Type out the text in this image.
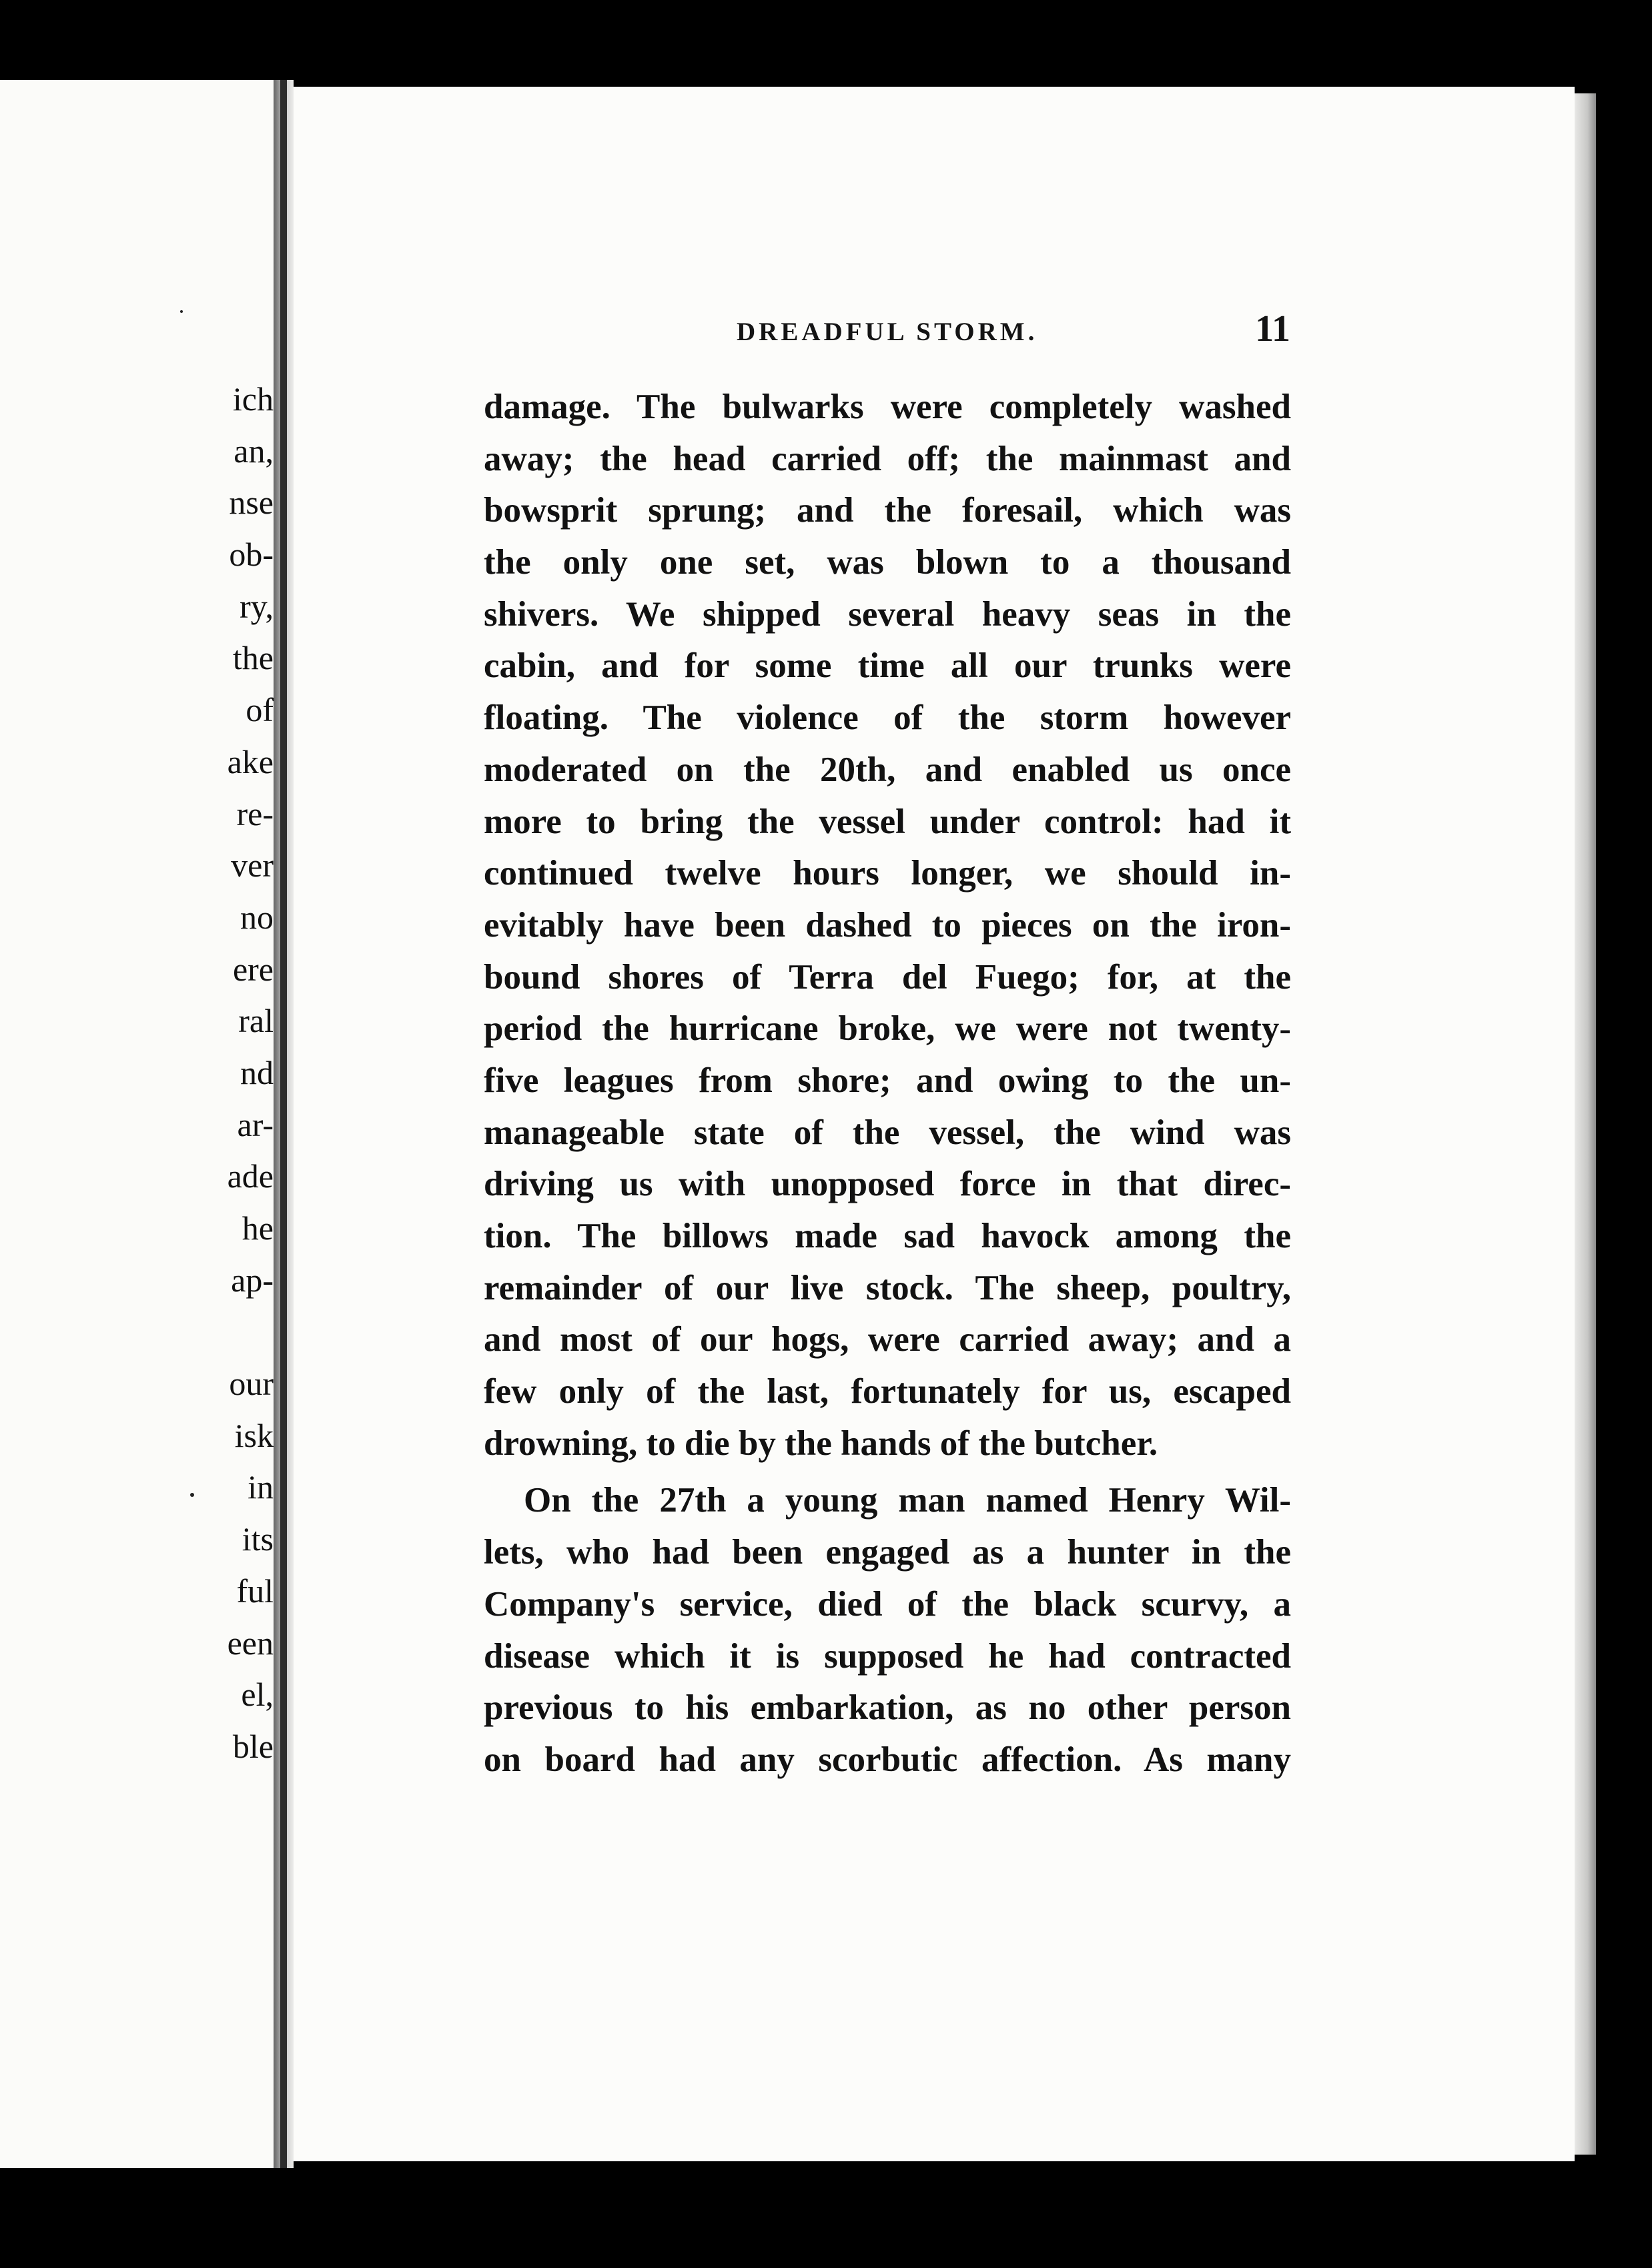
ich
an,
nse
ob-
ry,
the
of
ake
re-
ver
no
ere
ral
nd
ar-
ade
he
ap-
our
isk
in
its
ful
een
el,
ble
DREADFUL STORM.	11
damage. The bulwarks were completely washed
away; the head carried off; the mainmast and
bowsprit sprung; and the foresail, which was
the only one set, was blown to a thousand
shivers. We shipped several heavy seas in the
cabin, and for some time all our trunks were
floating. The violence of the storm however
moderated on the 20th, and enabled us once
more to bring the vessel under control: had it
continued twelve hours longer, we should in-
evitably have been dashed to pieces on the iron-
bound shores of Terra del Fuego; for, at the
period the hurricane broke, we were not twenty-
five leagues from shore; and owing to the un-
manageable state of the vessel, the wind was
driving us with unopposed force in that direc-
tion. The billows made sad havock among the
remainder of our live stock. The sheep, poultry,
and most of our hogs, were carried away; and a
few only of the last, fortunately for us, escaped
drowning, to die by the hands of the butcher.
On the 27th a young man named Henry Wil-
lets, who had been engaged as a hunter in the
Company's service, died of the black scurvy, a
disease which it is supposed he had contracted
previous to his embarkation, as no other person
on board had any scorbutic affection. As many
